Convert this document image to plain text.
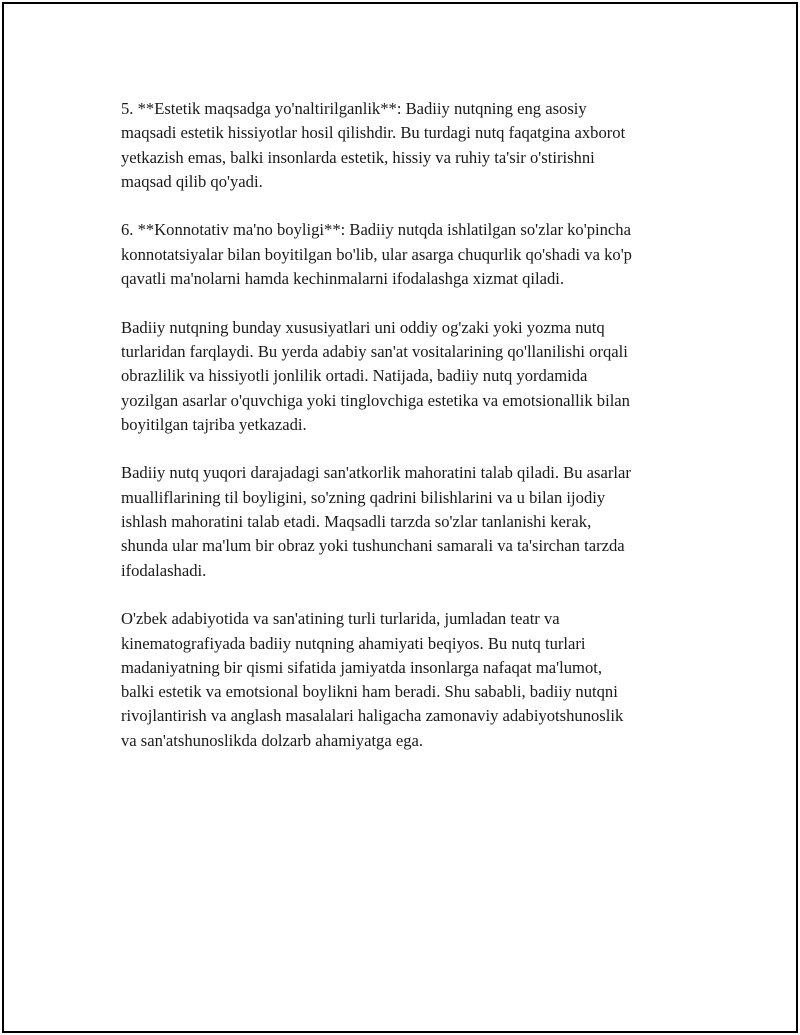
5. **Estetik maqsadga yo'naltirilganlik**: Badiiy nutqning eng asosiy
maqsadi estetik hissiyotlar hosil qilishdir. Bu turdagi nutq faqatgina axborot
yetkazish emas, balki insonlarda estetik, hissiy va ruhiy ta'sir o'stirishni
maqsad qilib qo'yadi.

6. **Konnotativ ma'no boyligi**: Badiiy nutqda ishlatilgan so'zlar ko'pincha
konnotatsiyalar bilan boyitilgan bo'lib, ular asarga chuqurlik qo'shadi va ko'p
qavatli ma'nolarni hamda kechinmalarni ifodalashga xizmat qiladi.

Badiiy nutqning bunday xususiyatlari uni oddiy og'zaki yoki yozma nutq
turlaridan farqlaydi. Bu yerda adabiy san'at vositalarining qo'llanilishi orqali
obrazlilik va hissiyotli jonlilik ortadi. Natijada, badiiy nutq yordamida
yozilgan asarlar o'quvchiga yoki tinglovchiga estetika va emotsionallik bilan
boyitilgan tajriba yetkazadi.

Badiiy nutq yuqori darajadagi san'atkorlik mahoratini talab qiladi. Bu asarlar
mualliflarining til boyligini, so'zning qadrini bilishlarini va u bilan ijodiy
ishlash mahoratini talab etadi. Maqsadli tarzda so'zlar tanlanishi kerak,
shunda ular ma'lum bir obraz yoki tushunchani samarali va ta'sirchan tarzda
ifodalashadi.

O'zbek adabiyotida va san'atining turli turlarida, jumladan teatr va
kinematografiyada badiiy nutqning ahamiyati beqiyos. Bu nutq turlari
madaniyatning bir qismi sifatida jamiyatda insonlarga nafaqat ma'lumot,
balki estetik va emotsional boylikni ham beradi. Shu sababli, badiiy nutqni
rivojlantirish va anglash masalalari haligacha zamonaviy adabiyotshunoslik
va san'atshunoslikda dolzarb ahamiyatga ega.
